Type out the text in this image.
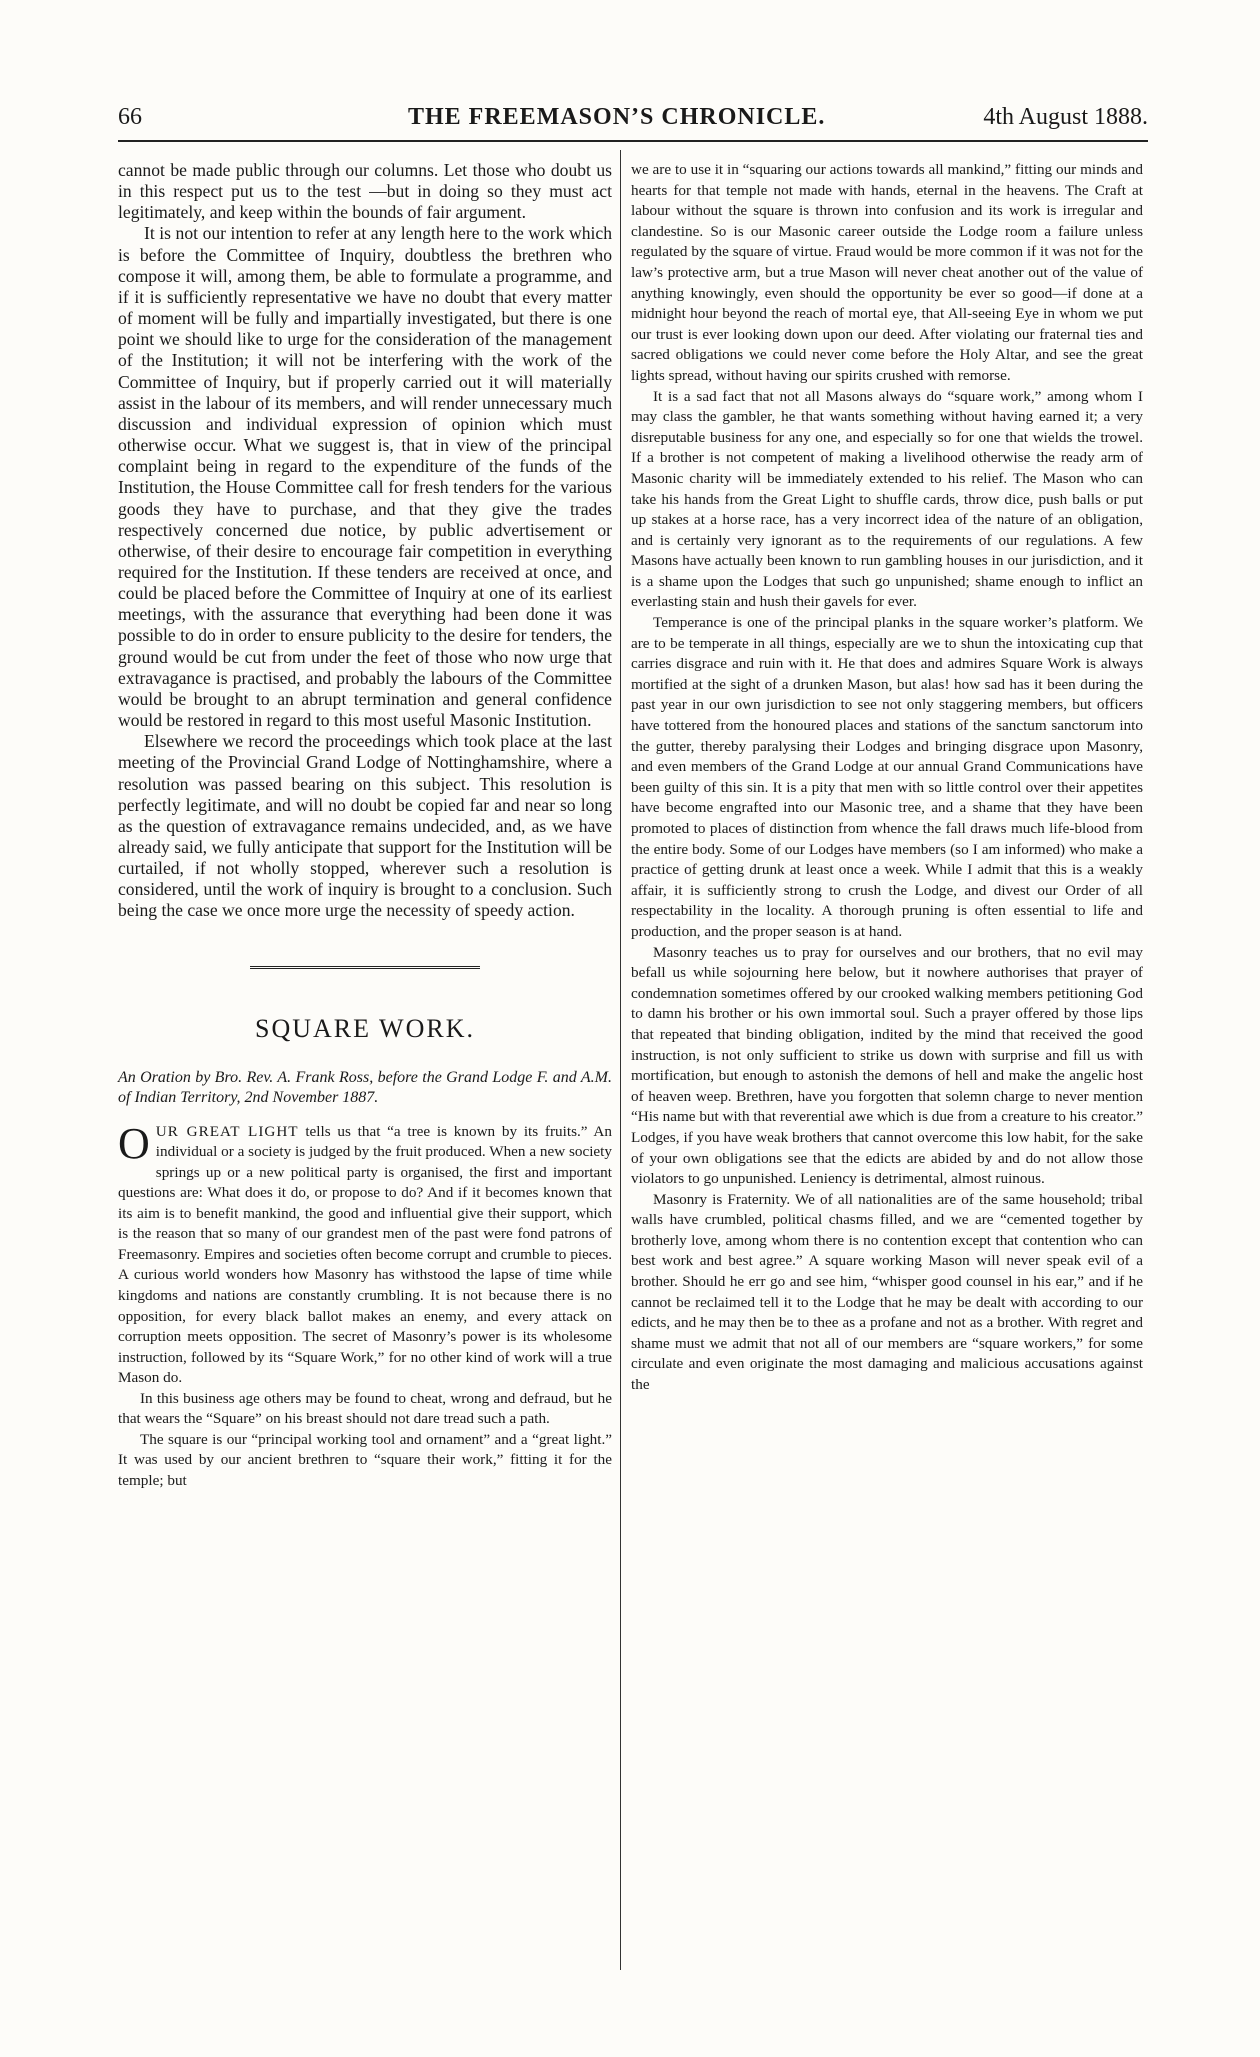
66	THE FREEMASON’S CHRONICLE.	4th August 1888.

cannot be made public through our columns. Let those who doubt us in this respect put us to the test —but in doing so they must act legitimately, and keep within the bounds of fair argument.

It is not our intention to refer at any length here to the work which is before the Committee of Inquiry, doubtless the brethren who compose it will, among them, be able to formulate a programme, and if it is sufficiently representative we have no doubt that every matter of moment will be fully and impartially investigated, but there is one point we should like to urge for the consideration of the management of the Institution; it will not be interfering with the work of the Committee of Inquiry, but if properly carried out it will materially assist in the labour of its members, and will render unnecessary much discussion and individual expression of opinion which must otherwise occur. What we suggest is, that in view of the principal complaint being in regard to the expenditure of the funds of the Institution, the House Committee call for fresh tenders for the various goods they have to purchase, and that they give the trades respectively concerned due notice, by public advertisement or otherwise, of their desire to encourage fair competition in everything required for the Institution. If these tenders are received at once, and could be placed before the Committee of Inquiry at one of its earliest meetings, with the assurance that everything had been done it was possible to do in order to ensure publicity to the desire for tenders, the ground would be cut from under the feet of those who now urge that extravagance is practised, and probably the labours of the Committee would be brought to an abrupt termination and general confidence would be restored in regard to this most useful Masonic Institution.

Elsewhere we record the proceedings which took place at the last meeting of the Provincial Grand Lodge of Nottinghamshire, where a resolution was passed bearing on this subject. This resolution is perfectly legitimate, and will no doubt be copied far and near so long as the question of extravagance remains undecided, and, as we have already said, we fully anticipate that support for the Institution will be curtailed, if not wholly stopped, wherever such a resolution is considered, until the work of inquiry is brought to a conclusion. Such being the case we once more urge the necessity of speedy action.

SQUARE WORK.
An Oration by Bro. Rev. A. Frank Ross, before the Grand Lodge F. and A.M. of Indian Territory, 2nd November 1887.

OUR GREAT LIGHT tells us that “a tree is known by its fruits.” An individual or a society is judged by the fruit produced. When a new society springs up or a new political party is organised, the first and important questions are: What does it do, or propose to do? And if it becomes known that its aim is to benefit mankind, the good and influential give their support, which is the reason that so many of our grandest men of the past were fond patrons of Freemasonry. Empires and societies often become corrupt and crumble to pieces. A curious world wonders how Masonry has withstood the lapse of time while kingdoms and nations are constantly crumbling. It is not because there is no opposition, for every black ballot makes an enemy, and every attack on corruption meets opposition. The secret of Masonry’s power is its wholesome instruction, followed by its “Square Work,” for no other kind of work will a true Mason do.

In this business age others may be found to cheat, wrong and defraud, but he that wears the “Square” on his breast should not dare tread such a path.

The square is our “principal working tool and ornament” and a “great light.” It was used by our ancient brethren to “square their work,” fitting it for the temple; but

we are to use it in “squaring our actions towards all mankind,” fitting our minds and hearts for that temple not made with hands, eternal in the heavens. The Craft at labour without the square is thrown into confusion and its work is irregular and clandestine. So is our Masonic career outside the Lodge room a failure unless regulated by the square of virtue. Fraud would be more common if it was not for the law’s protective arm, but a true Mason will never cheat another out of the value of anything knowingly, even should the opportunity be ever so good—if done at a midnight hour beyond the reach of mortal eye, that All-seeing Eye in whom we put our trust is ever looking down upon our deed. After violating our fraternal ties and sacred obligations we could never come before the Holy Altar, and see the great lights spread, without having our spirits crushed with remorse.

It is a sad fact that not all Masons always do “square work,” among whom I may class the gambler, he that wants something without having earned it; a very disreputable business for any one, and especially so for one that wields the trowel. If a brother is not competent of making a livelihood otherwise the ready arm of Masonic charity will be immediately extended to his relief. The Mason who can take his hands from the Great Light to shuffle cards, throw dice, push balls or put up stakes at a horse race, has a very incorrect idea of the nature of an obligation, and is certainly very ignorant as to the requirements of our regulations. A few Masons have actually been known to run gambling houses in our jurisdiction, and it is a shame upon the Lodges that such go unpunished; shame enough to inflict an everlasting stain and hush their gavels for ever.

Temperance is one of the principal planks in the square worker’s platform. We are to be temperate in all things, especially are we to shun the intoxicating cup that carries disgrace and ruin with it. He that does and admires Square Work is always mortified at the sight of a drunken Mason, but alas! how sad has it been during the past year in our own jurisdiction to see not only staggering members, but officers have tottered from the honoured places and stations of the sanctum sanctorum into the gutter, thereby paralysing their Lodges and bringing disgrace upon Masonry, and even members of the Grand Lodge at our annual Grand Communications have been guilty of this sin. It is a pity that men with so little control over their appetites have become engrafted into our Masonic tree, and a shame that they have been promoted to places of distinction from whence the fall draws much life-blood from the entire body. Some of our Lodges have members (so I am informed) who make a practice of getting drunk at least once a week. While I admit that this is a weakly affair, it is sufficiently strong to crush the Lodge, and divest our Order of all respectability in the locality. A thorough pruning is often essential to life and production, and the proper season is at hand.

Masonry teaches us to pray for ourselves and our brothers, that no evil may befall us while sojourning here below, but it nowhere authorises that prayer of condemnation sometimes offered by our crooked walking members petitioning God to damn his brother or his own immortal soul. Such a prayer offered by those lips that repeated that binding obligation, indited by the mind that received the good instruction, is not only sufficient to strike us down with surprise and fill us with mortification, but enough to astonish the demons of hell and make the angelic host of heaven weep. Brethren, have you forgotten that solemn charge to never mention “His name but with that reverential awe which is due from a creature to his creator.” Lodges, if you have weak brothers that cannot overcome this low habit, for the sake of your own obligations see that the edicts are abided by and do not allow those violators to go unpunished. Leniency is detrimental, almost ruinous.

Masonry is Fraternity. We of all nationalities are of the same household; tribal walls have crumbled, political chasms filled, and we are “cemented together by brotherly love, among whom there is no contention except that contention who can best work and best agree.” A square working Mason will never speak evil of a brother. Should he err go and see him, “whisper good counsel in his ear,” and if he cannot be reclaimed tell it to the Lodge that he may be dealt with according to our edicts, and he may then be to thee as a profane and not as a brother. With regret and shame must we admit that not all of our members are “square workers,” for some circulate and even originate the most damaging and malicious accusations against the
